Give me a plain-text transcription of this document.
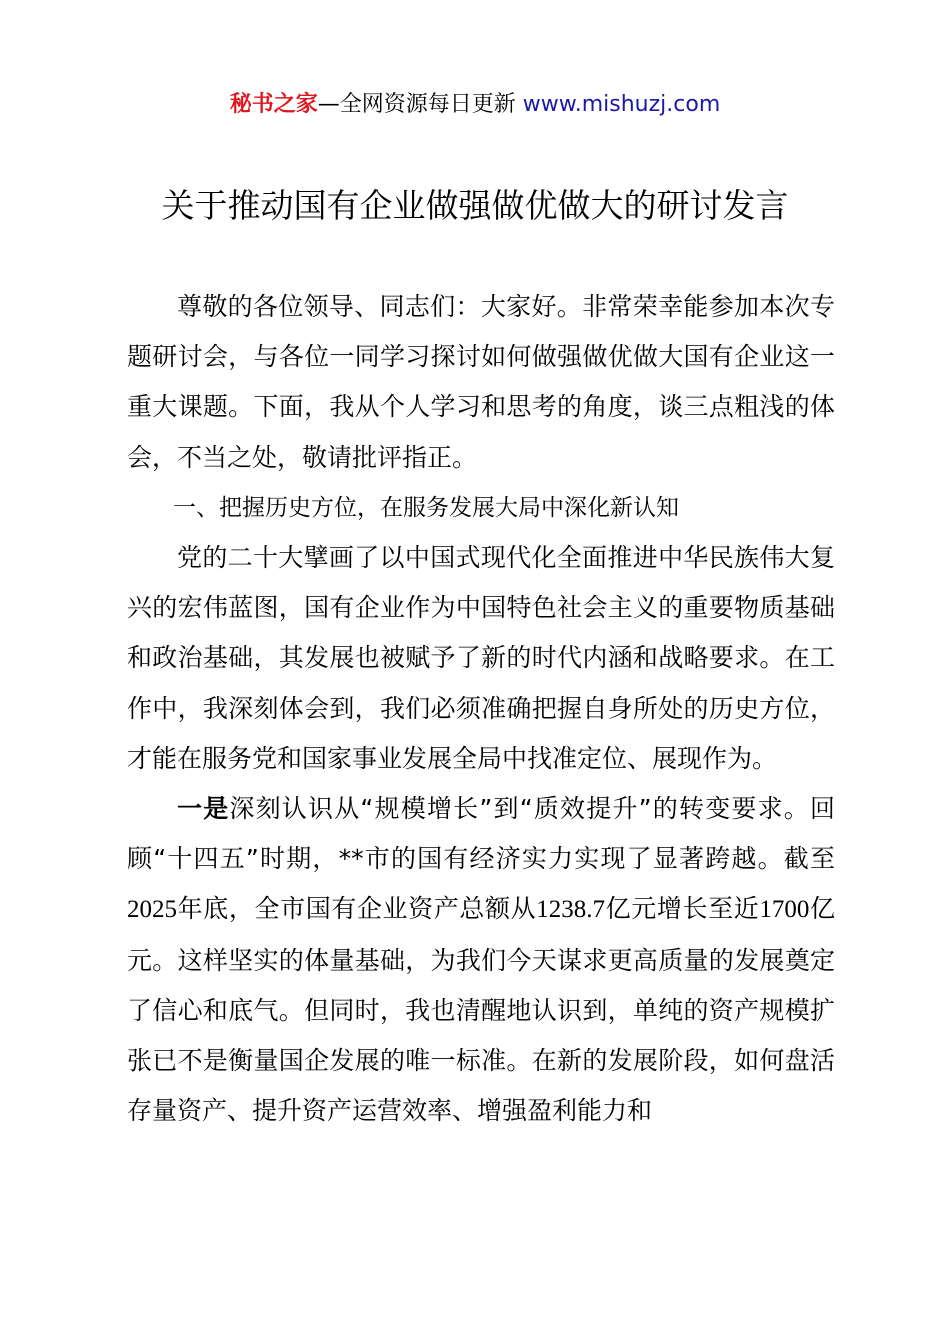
秘书之家—全网资源每日更新 www.mishuzj.com
关于推动国有企业做强做优做大的研讨发言

尊敬的各位领导、同志们：大家好。非常荣幸能参加本次专题研讨会，与各位一同学习探讨如何做强做优做大国有企业这一重大课题。下面，我从个人学习和思考的角度，谈三点粗浅的体会，不当之处，敬请批评指正。

一、把握历史方位，在服务发展大局中深化新认知

党的二十大擘画了以中国式现代化全面推进中华民族伟大复兴的宏伟蓝图，国有企业作为中国特色社会主义的重要物质基础和政治基础，其发展也被赋予了新的时代内涵和战略要求。在工作中，我深刻体会到，我们必须准确把握自身所处的历史方位，才能在服务党和国家事业发展全局中找准定位、展现作为。

一是深刻认识从“规模增长”到“质效提升”的转变要求。回顾“十四五”时期，**市的国有经济实力实现了显著跨越。截至2025年底，全市国有企业资产总额从1238.7亿元增长至近1700亿元。这样坚实的体量基础，为我们今天谋求更高质量的发展奠定了信心和底气。但同时，我也清醒地认识到，单纯的资产规模扩张已不是衡量国企发展的唯一标准。在新的发展阶段，如何盘活存量资产、提升资产运营效率、增强盈利能力和
